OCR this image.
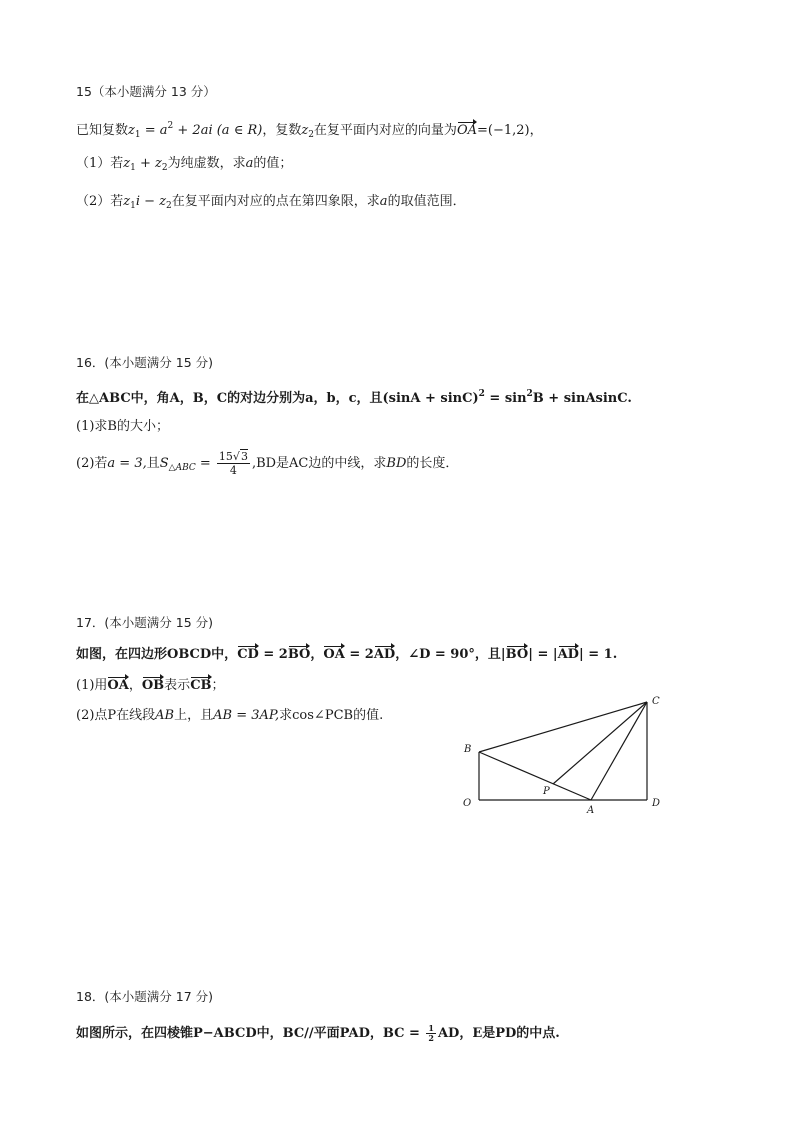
15（本小题满分 13 分）
已知复数$z_1 = a^2 + 2ai$ (a ∈ R)，复数$z_2$在复平面内对应的向量为OA=(−1,2)，
（1）若$z_1 + z_2$为纯虚数，求a的值；
（2）若$z_1i - z_2$在复平面内对应的点在第四象限，求a的取值范围．
16．(本小题满分 15 分)
在△ABC中，角A，B，C的对边分别为a，b，c，且$(\sin A + \sin C)^2 = \sin^2B$ + sinAsinC.
(1)求B的大小；
(2)若a = 3,且$S_{\triangle ABC} = \frac{15√3}{4} ,BD$是AC边的中线，求BD的长度．
17．(本小题满分 15 分)
如图，在四边形OBCD中，CD = 2BO，OA = 2AD，∠D = 90°，且|BO| = |AD| = 1.
(1)用OA，OB表示CB；
(2)点P在线段AB上，且AB = 3AP,求cos∠PCB的值.
C
B
O
P
A
D
18．(本小题满分 17 分)
如图所示，在四棱锥P−ABCD中，BC//平面PAD，BC = $\frac{1}{2}$ AD，E是PD的中点.
